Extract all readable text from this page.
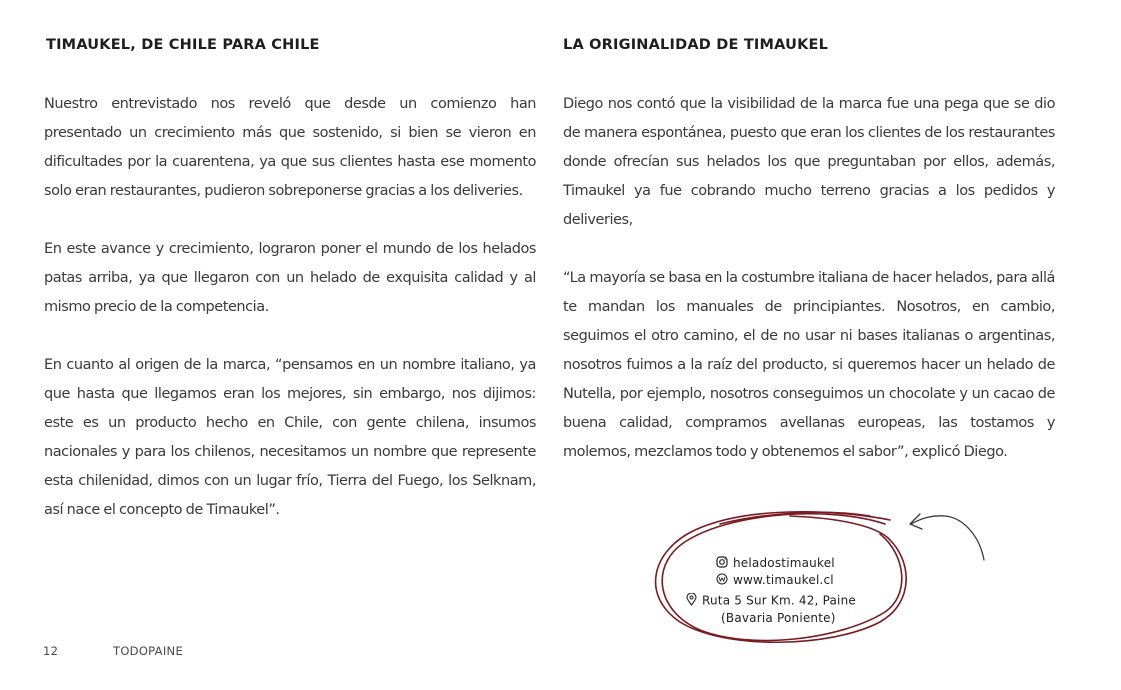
TIMAUKEL, DE CHILE PARA CHILE	LA ORIGINALIDAD DE TIMAUKEL

Nuestro entrevistado nos reveló que desde un comienzo han presentado un crecimiento más que sostenido, si bien se vieron en dificultades por la cuarentena, ya que sus clientes hasta ese momento solo eran restaurantes, pudieron sobreponerse gracias a los deliveries.

En este avance y crecimiento, lograron poner el mundo de los helados patas arriba, ya que llegaron con un helado de exquisita calidad y al mismo precio de la competencia.

En cuanto al origen de la marca, “pensamos en un nombre italiano, ya que hasta que llegamos eran los mejores, sin embargo, nos dijimos: este es un producto hecho en Chile, con gente chilena, insumos nacionales y para los chilenos, necesitamos un nombre que represente esta chilenidad, dimos con un lugar frío, Tierra del Fuego, los Selknam, así nace el concepto de Timaukel”.

Diego nos contó que la visibilidad de la marca fue una pega que se dio de manera espontánea, puesto que eran los clientes de los restaurantes donde ofrecían sus helados los que preguntaban por ellos, además, Timaukel ya fue cobrando mucho terreno gracias a los pedidos y deliveries,

“La mayoría se basa en la costumbre italiana de hacer helados, para allá te mandan los manuales de principiantes. Nosotros, en cambio, seguimos el otro camino, el de no usar ni bases italianas o argentinas, nosotros fuimos a la raíz del producto, si queremos hacer un helado de Nutella, por ejemplo, nosotros conseguimos un chocolate y un cacao de buena calidad, compramos avellanas europeas, las tostamos y molemos, mezclamos todo y obtenemos el sabor”, explicó Diego.

heladostimaukel
www.timaukel.cl
Ruta 5 Sur Km. 42, Paine
(Bavaria Poniente)
12	TODOPAINE
